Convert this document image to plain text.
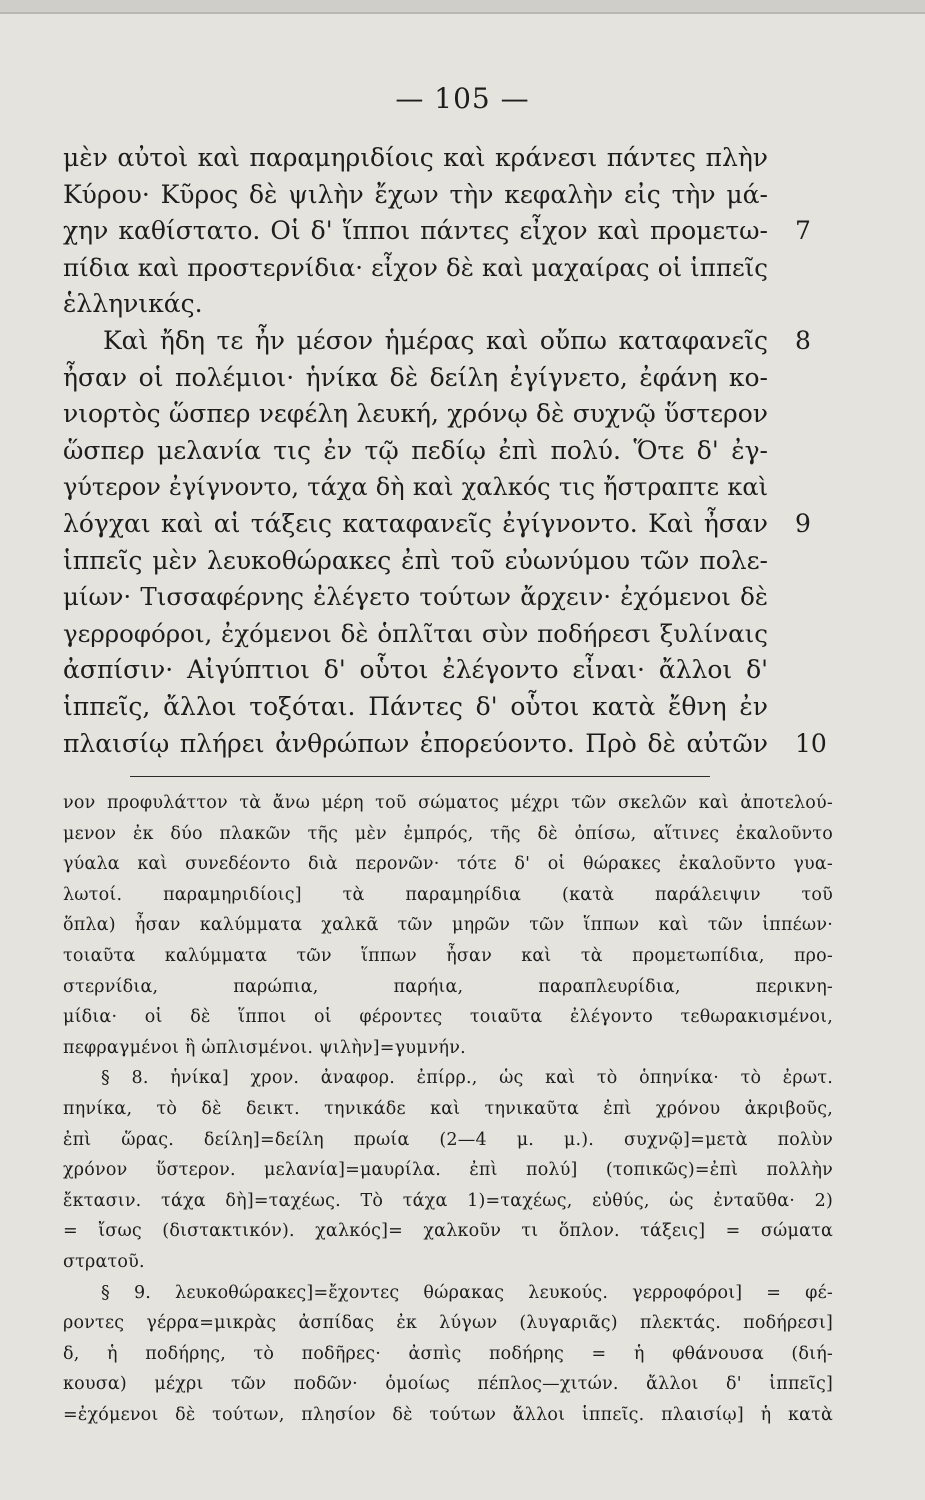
— 105 —
μὲν αὐτοὶ καὶ παραμηριδίοις καὶ κράνεσι πάντες πλὴν
Κύρου· Κῦρος δὲ ψιλὴν ἔχων τὴν κεφαλὴν εἰς τὴν μά-
χην καθίστατο. Οἱ δ' ἵπποι πάντες εἶχον καὶ προμετω-
πίδια καὶ προστερνίδια· εἶχον δὲ καὶ μαχαίρας οἱ ἱππεῖς
ἑλληνικάς.
Καὶ ἤδη τε ἦν μέσον ἡμέρας καὶ οὔπω καταφανεῖς
ἦσαν οἱ πολέμιοι· ἡνίκα δὲ δείλη ἐγίγνετο, ἐφάνη κο-
νιορτὸς ὥσπερ νεφέλη λευκή, χρόνῳ δὲ συχνῷ ὕστερον
ὥσπερ μελανία τις ἐν τῷ πεδίῳ ἐπὶ πολύ. Ὅτε δ' ἐγ-
γύτερον ἐγίγνοντο, τάχα δὴ καὶ χαλκός τις ἤστραπτε καὶ
λόγχαι καὶ αἱ τάξεις καταφανεῖς ἐγίγνοντο. Καὶ ἦσαν
ἱππεῖς μὲν λευκοθώρακες ἐπὶ τοῦ εὐωνύμου τῶν πολε-
μίων· Τισσαφέρνης ἐλέγετο τούτων ἄρχειν· ἐχόμενοι δὲ
γερροφόροι, ἐχόμενοι δὲ ὁπλῖται σὺν ποδήρεσι ξυλίναις
ἀσπίσιν· Αἰγύπτιοι δ' οὗτοι ἐλέγοντο εἶναι· ἄλλοι δ'
ἱππεῖς, ἄλλοι τοξόται. Πάντες δ' οὗτοι κατὰ ἔθνη ἐν
πλαισίῳ πλήρει ἀνθρώπων ἐπορεύοντο. Πρὸ δὲ αὐτῶν
7
8
9
10
νον προφυλάττον τὰ ἄνω μέρη τοῦ σώματος μέχρι τῶν σκελῶν καὶ ἀποτελού-
μενον ἐκ δύο πλακῶν τῆς μὲν ἐμπρός, τῆς δὲ ὀπίσω, αἵτινες ἐκαλοῦντο
γύαλα καὶ συνεδέοντο διὰ περονῶν· τότε δ' οἱ θώρακες ἐκαλοῦντο γυα-
λωτοί. παραμηριδίοις] τὰ παραμηρίδια (κατὰ παράλειψιν τοῦ
ὅπλα) ἦσαν καλύμματα χαλκᾶ τῶν μηρῶν τῶν ἵππων καὶ τῶν ἱππέων·
τοιαῦτα καλύμματα τῶν ἵππων ἦσαν καὶ τὰ προμετωπίδια, προ-
στερνίδια, παρώπια, παρήια, παραπλευρίδια, περικνη-
μίδια· οἱ δὲ ἵπποι οἱ φέροντες τοιαῦτα ἐλέγοντο τεθωρακισμένοι,
πεφραγμένοι ἢ ὡπλισμένοι. ψιλὴν]=γυμνήν.
§ 8. ἡνίκα] χρον. ἀναφορ. ἐπίρρ., ὡς καὶ τὸ ὁπηνίκα· τὸ ἐρωτ.
πηνίκα, τὸ δὲ δεικτ. τηνικάδε καὶ τηνικαῦτα ἐπὶ χρόνου ἀκριβοῦς,
ἐπὶ ὥρας. δείλη]=δείλη πρωία (2—4 μ. μ.). συχνῷ]=μετὰ πολὺν
χρόνον ὕστερον. μελανία]=μαυρίλα. ἐπὶ πολύ] (τοπικῶς)=ἐπὶ πολλὴν
ἔκτασιν. τάχα δὴ]=ταχέως. Τὸ τάχα 1)=ταχέως, εὐθύς, ὡς ἐνταῦθα· 2)
= ἴσως (διστακτικόν). χαλκός]= χαλκοῦν τι ὅπλον. τάξεις] = σώματα
στρατοῦ.
§ 9. λευκοθώρακες]=ἔχοντες θώρακας λευκούς. γερροφόροι] = φέ-
ροντες γέρρα=μικρὰς ἀσπίδας ἐκ λύγων (λυγαριᾶς) πλεκτάς. ποδήρεσι]
δ, ἡ ποδήρης, τὸ ποδῆρες· ἀσπὶς ποδήρης = ἡ φθάνουσα (διή-
κουσα) μέχρι τῶν ποδῶν· ὁμοίως πέπλος—χιτών. ἄλλοι δ' ἱππεῖς]
=ἐχόμενοι δὲ τούτων, πλησίον δὲ τούτων ἄλλοι ἱππεῖς. πλαισίῳ] ἡ κατὰ
